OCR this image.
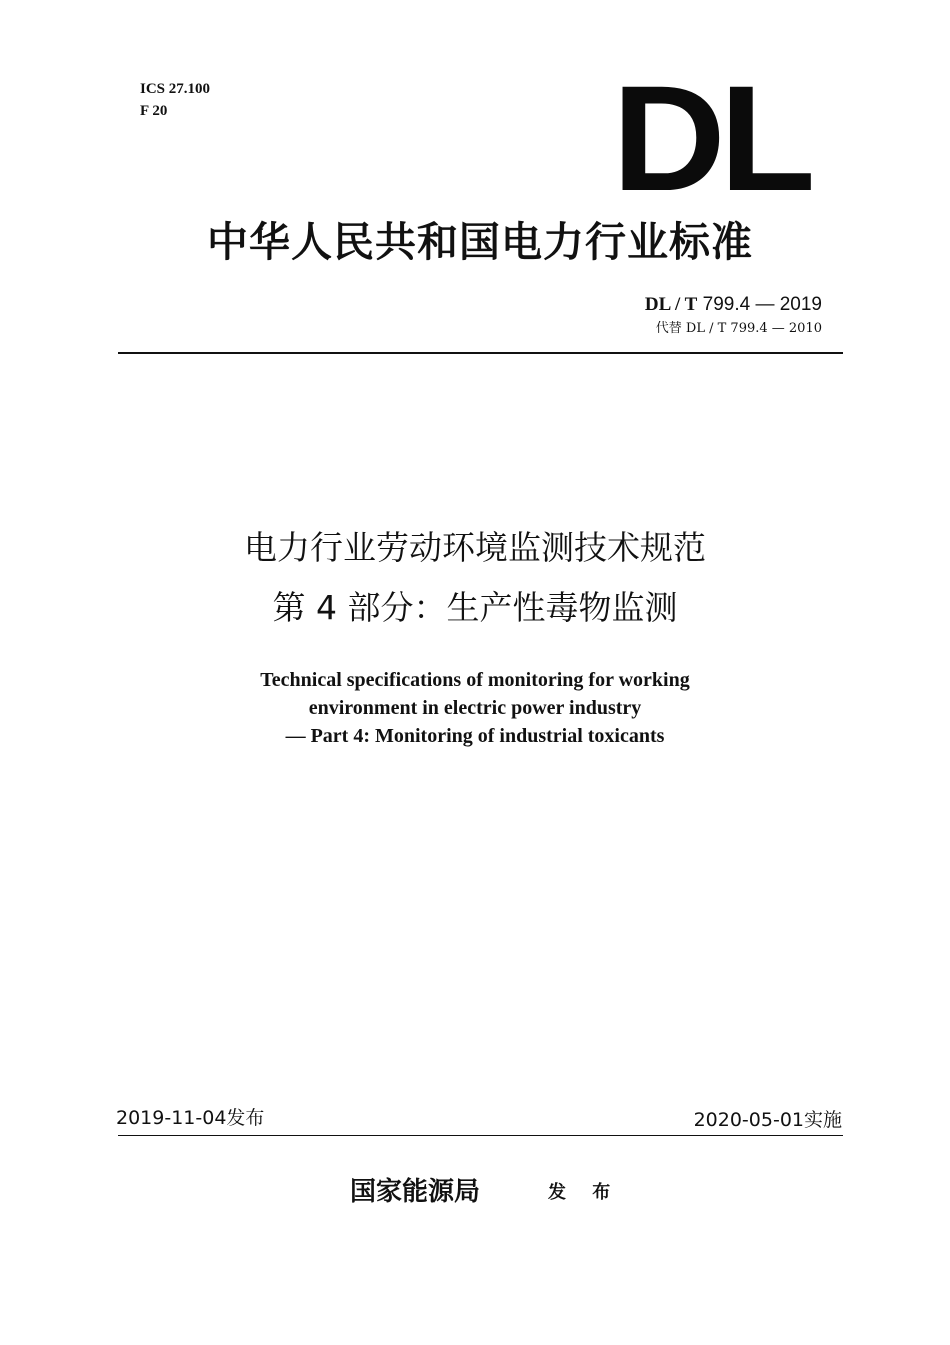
ICS 27.100
F 20	DL
中华人民共和国电力行业标准
DL / T 799.4 — 2019
代替 DL / T 799.4 — 2010
电力行业劳动环境监测技术规范
第 4 部分：生产性毒物监测
Technical specifications of monitoring for working
environment in electric power industry
— Part 4: Monitoring of industrial toxicants
2019-11-04发布	2020-05-01实施
国家能源局	发 布
